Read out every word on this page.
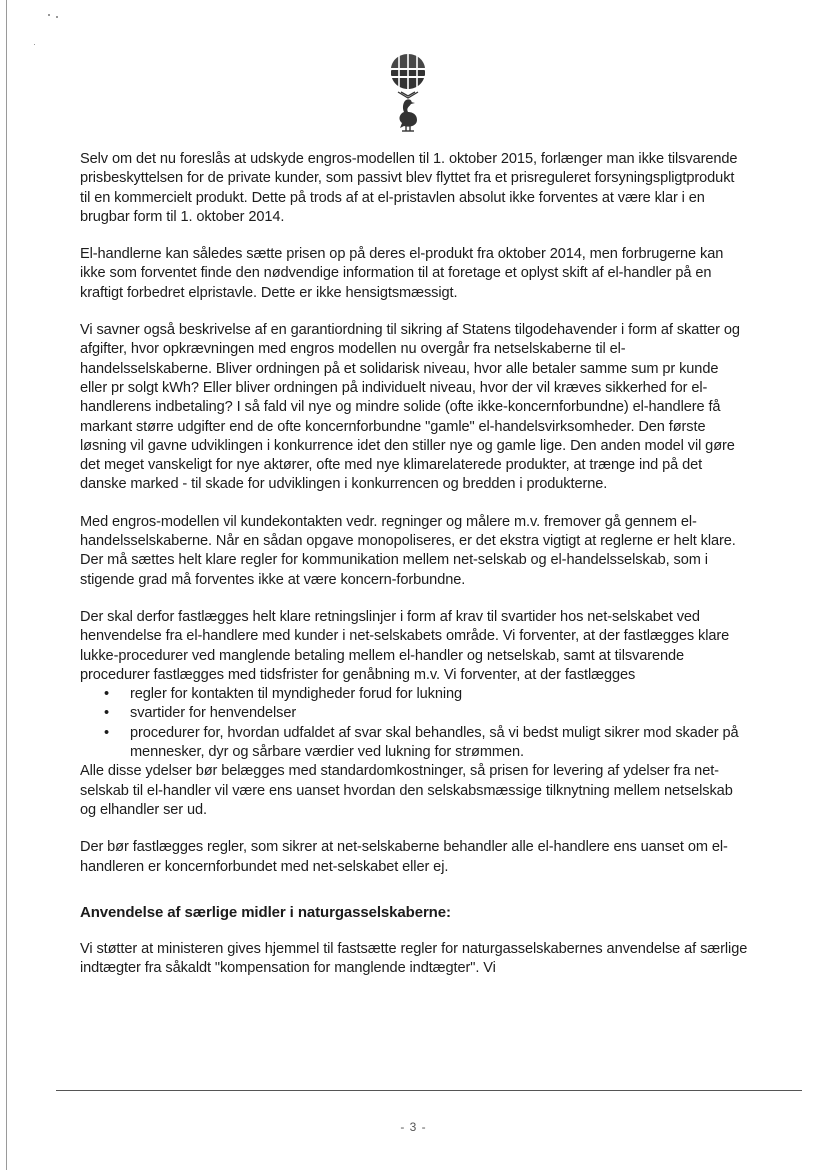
Selv om det nu foreslås at udskyde engros-modellen til 1. oktober 2015, forlænger man ikke tilsvarende prisbeskyttelsen for de private kunder, som passivt blev flyttet fra et prisreguleret forsyningspligtprodukt til en kommercielt produkt. Dette på trods af at el-pristavlen absolut ikke forventes at være klar i en brugbar form til 1. oktober 2014.

El-handlerne kan således sætte prisen op på deres el-produkt fra oktober 2014, men forbrugerne kan ikke som forventet finde den nødvendige information til at foretage et oplyst skift af el-handler på en kraftigt forbedret elpristavle. Dette er ikke hensigtsmæssigt.

Vi savner også beskrivelse af en garantiordning til sikring af Statens tilgodehavender i form af skatter og afgifter, hvor opkrævningen med engros modellen nu overgår fra netselskaberne til el-handelsselskaberne. Bliver ordningen på et solidarisk niveau, hvor alle betaler samme sum pr kunde eller pr solgt kWh? Eller bliver ordningen på individuelt niveau, hvor der vil kræves sikkerhed for el-handlerens indbetaling? I så fald vil nye og mindre solide (ofte ikke-koncernforbundne) el-handlere få markant større udgifter end de ofte koncernforbundne "gamle" el-handelsvirksomheder. Den første løsning vil gavne udviklingen i konkurrence idet den stiller nye og gamle lige. Den anden model vil gøre det meget vanskeligt for nye aktører, ofte med nye klimarelaterede produkter, at trænge ind på det danske marked - til skade for udviklingen i konkurrencen og bredden i produkterne.

Med engros-modellen vil kundekontakten vedr. regninger og målere m.v. fremover gå gennem el-handelsselskaberne. Når en sådan opgave monopoliseres, er det ekstra vigtigt at reglerne er helt klare. Der må sættes helt klare regler for kommunikation mellem net-selskab og el-handelsselskab, som i stigende grad må forventes ikke at være koncern-forbundne.

Der skal derfor fastlægges helt klare retningslinjer i form af krav til svartider hos net-selskabet ved henvendelse fra el-handlere med kunder i net-selskabets område. Vi forventer, at der fastlægges klare lukke-procedurer ved manglende betaling mellem el-handler og netselskab, samt at tilsvarende procedurer fastlægges med tidsfrister for genåbning m.v. Vi forventer, at der fastlægges

• regler for kontakten til myndigheder forud for lukning
• svartider for henvendelser
• procedurer for, hvordan udfaldet af svar skal behandles, så vi bedst muligt sikrer mod skader på mennesker, dyr og sårbare værdier ved lukning for strømmen.

Alle disse ydelser bør belægges med standardomkostninger, så prisen for levering af ydelser fra net-selskab til el-handler vil være ens uanset hvordan den selskabsmæssige tilknytning mellem netselskab og elhandler ser ud.

Der bør fastlægges regler, som sikrer at net-selskaberne behandler alle el-handlere ens uanset om el-handleren er koncernforbundet med net-selskabet eller ej.

Anvendelse af særlige midler i naturgasselskaberne:

Vi støtter at ministeren gives hjemmel til fastsætte regler for naturgasselskabernes anvendelse af særlige indtægter fra såkaldt "kompensation for manglende indtægter". Vi

- 3 -
